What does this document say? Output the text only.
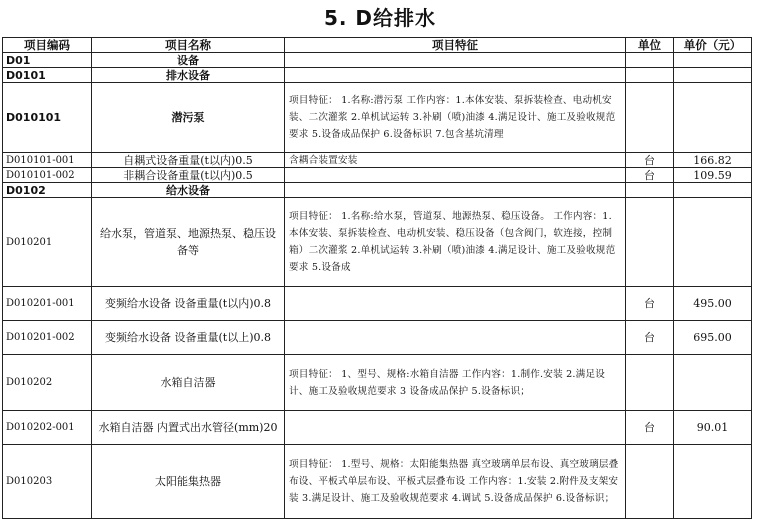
5. D给排水
项目编码	项目名称	项目特征	单位	单价（元）
D01	设备			
D0101	排水设备			
D010101	潜污泵	项目特征： 1.名称:潜污泵 工作内容：1.本体安装、泵拆装检查、电动机安装、二次灌浆 2.单机试运转 3.补刷（喷)油漆 4.满足设计、施工及验收规范要求 5.设备成品保护 6.设备标识 7.包含基坑清理		
D010101-001	自耦式设备重量(t以内)0.5	含耦合装置安装	台	166.82
D010101-002	非耦合设备重量(t以内)0.5		台	109.59
D0102	给水设备			
D010201	给水泵，管道泵、地源热泵、稳压设备等	项目特征： 1.名称:给水泵，管道泵、地源热泵、稳压设备。 工作内容：1.本体安装、泵拆装检查、电动机安装、稳压设备（包含阀门，软连接，控制箱）二次灌浆 2.单机试运转 3.补刷（喷)油漆 4.满足设计、施工及验收规范要求 5.设备成		
D010201-001	变频给水设备 设备重量(t以内)0.8		台	495.00
D010201-002	变频给水设备 设备重量(t以上)0.8		台	695.00
D010202	水箱自洁器	项目特征： 1、型号、规格:水箱自洁器 工作内容：1.制作.安装 2.满足设计、施工及验收规范要求 3 设备成品保护 5.设备标识；		
D010202-001	水箱自洁器 内置式出水管径(mm)20		台	90.01
D010203	太阳能集热器	项目特征： 1.型号、规格：太阳能集热器 真空玻璃单层布设、真空玻璃层叠布设、平板式单层布设、平板式层叠布设 工作内容：1.安装 2.附件及支架安装 3.满足设计、施工及验收规范要求 4.调试 5.设备成品保护 6.设备标识；		
